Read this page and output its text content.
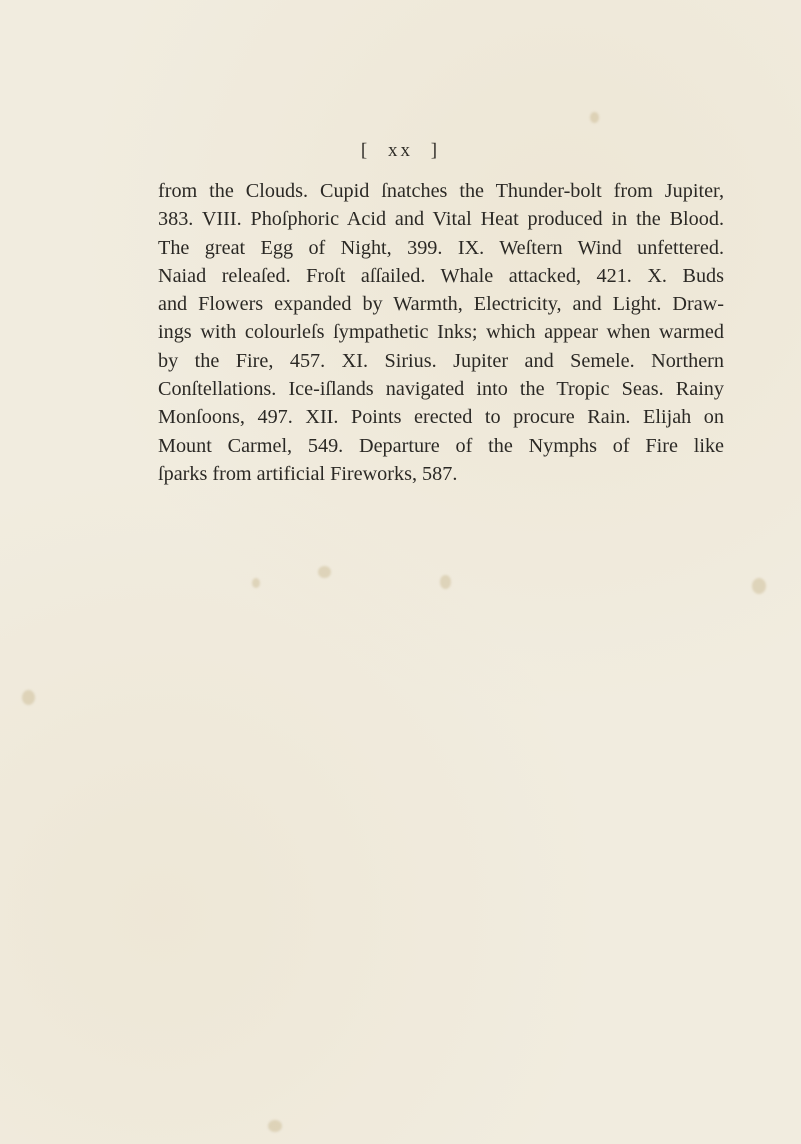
[ xx ]
from the Clouds. Cupid ſnatches the Thunder-bolt from Jupiter,
383. VIII. Phoſphoric Acid and Vital Heat produced in the Blood.
The great Egg of Night, 399. IX. Weſtern Wind unfettered.
Naiad releaſed. Froſt aſſailed. Whale attacked, 421. X. Buds
and Flowers expanded by Warmth, Electricity, and Light. Draw-
ings with colourleſs ſympathetic Inks; which appear when warmed
by the Fire, 457. XI. Sirius. Jupiter and Semele. Northern
Conſtellations. Ice-iſlands navigated into the Tropic Seas. Rainy
Monſoons, 497. XII. Points erected to procure Rain. Elijah on
Mount Carmel, 549. Departure of the Nymphs of Fire like
ſparks from artificial Fireworks, 587.
